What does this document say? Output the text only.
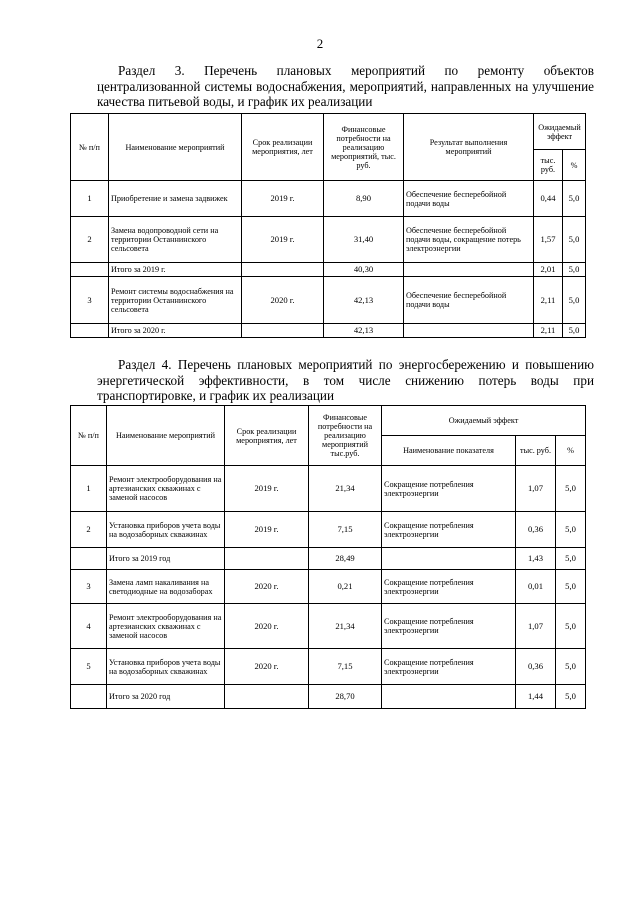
2
Раздел 3. Перечень плановых мероприятий по ремонту объектов
централизованной системы водоснабжения, мероприятий, направленных на улучшение
качества питьевой воды, и график их реализации
№ п/п	Наименование мероприятий	Срок реализации мероприятия, лет	Финансовые потребности на реализацию мероприятий, тыс. руб.	Результат выполнения мероприятий	Ожидаемый эффект	
					тыс. руб.	%
1	Приобретение и замена задвижек	2019 г.	8,90	Обеспечение бесперебойной подачи воды	0,44	5,0
2	Замена водопроводной сети на территории Останнинского сельсовета	2019 г.	31,40	Обеспечение бесперебойной подачи воды, сокращение потерь электроэнергии	1,57	5,0
	Итого за 2019 г.		40,30		2,01	5,0
3	Ремонт системы водоснабжения на территории Останнинского сельсовета	2020 г.	42,13	Обеспечение бесперебойной подачи воды	2,11	5,0
	Итого за 2020 г.		42,13		2,11	5,0
Раздел 4. Перечень плановых мероприятий по энергосбережению и повышению
энергетической эффективности, в том числе снижению потерь воды при
транспортировке, и график их реализации
№ п/п	Наименование мероприятий	Срок реализации мероприятия, лет	Финансовые потребности на реализацию мероприятий тыс.руб.	Ожидаемый эффект		
				Наименование показателя	тыс. руб.	%
1	Ремонт электрооборудования на артезианских скважинах с заменой насосов	2019 г.	21,34	Сокращение потребления электроэнергии	1,07	5,0
2	Установка приборов учета воды на водозаборных скважинах	2019 г.	7,15	Сокращение потребления электроэнергии	0,36	5,0
	Итого за 2019 год		28,49		1,43	5,0
3	Замена ламп накаливания на светодиодные на водозаборах	2020 г.	0,21	Сокращение потребления электроэнергии	0,01	5,0
4	Ремонт электрооборудования на артезианских скважинах с заменой насосов	2020 г.	21,34	Сокращение потребления электроэнергии	1,07	5,0
5	Установка приборов учета воды на водозаборных скважинах	2020 г.	7,15	Сокращение потребления электроэнергии	0,36	5,0
	Итого за 2020 год		28,70		1,44	5,0
